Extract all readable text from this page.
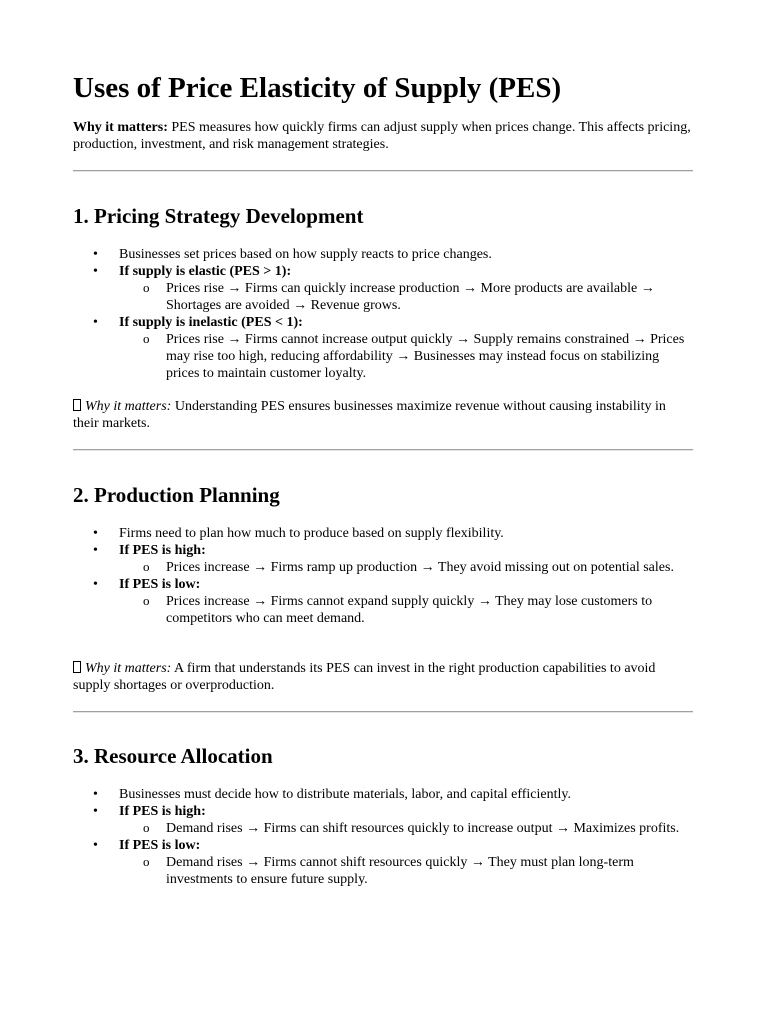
Uses of Price Elasticity of Supply (PES)

Why it matters: PES measures how quickly firms can adjust supply when prices change. This affects pricing, production, investment, and risk management strategies.

1. Pricing Strategy Development
• Businesses set prices based on how supply reacts to price changes.
• If supply is elastic (PES > 1):
o Prices rise → Firms can quickly increase production → More products are available → Shortages are avoided → Revenue grows.
• If supply is inelastic (PES < 1):
o Prices rise → Firms cannot increase output quickly → Supply remains constrained → Prices may rise too high, reducing affordability → Businesses may instead focus on stabilizing prices to maintain customer loyalty.

Why it matters: Understanding PES ensures businesses maximize revenue without causing instability in their markets.

2. Production Planning
• Firms need to plan how much to produce based on supply flexibility.
• If PES is high:
o Prices increase → Firms ramp up production → They avoid missing out on potential sales.
• If PES is low:
o Prices increase → Firms cannot expand supply quickly → They may lose customers to competitors who can meet demand.

Why it matters: A firm that understands its PES can invest in the right production capabilities to avoid supply shortages or overproduction.

3. Resource Allocation
• Businesses must decide how to distribute materials, labor, and capital efficiently.
• If PES is high:
o Demand rises → Firms can shift resources quickly to increase output → Maximizes profits.
• If PES is low:
o Demand rises → Firms cannot shift resources quickly → They must plan long-term investments to ensure future supply.
